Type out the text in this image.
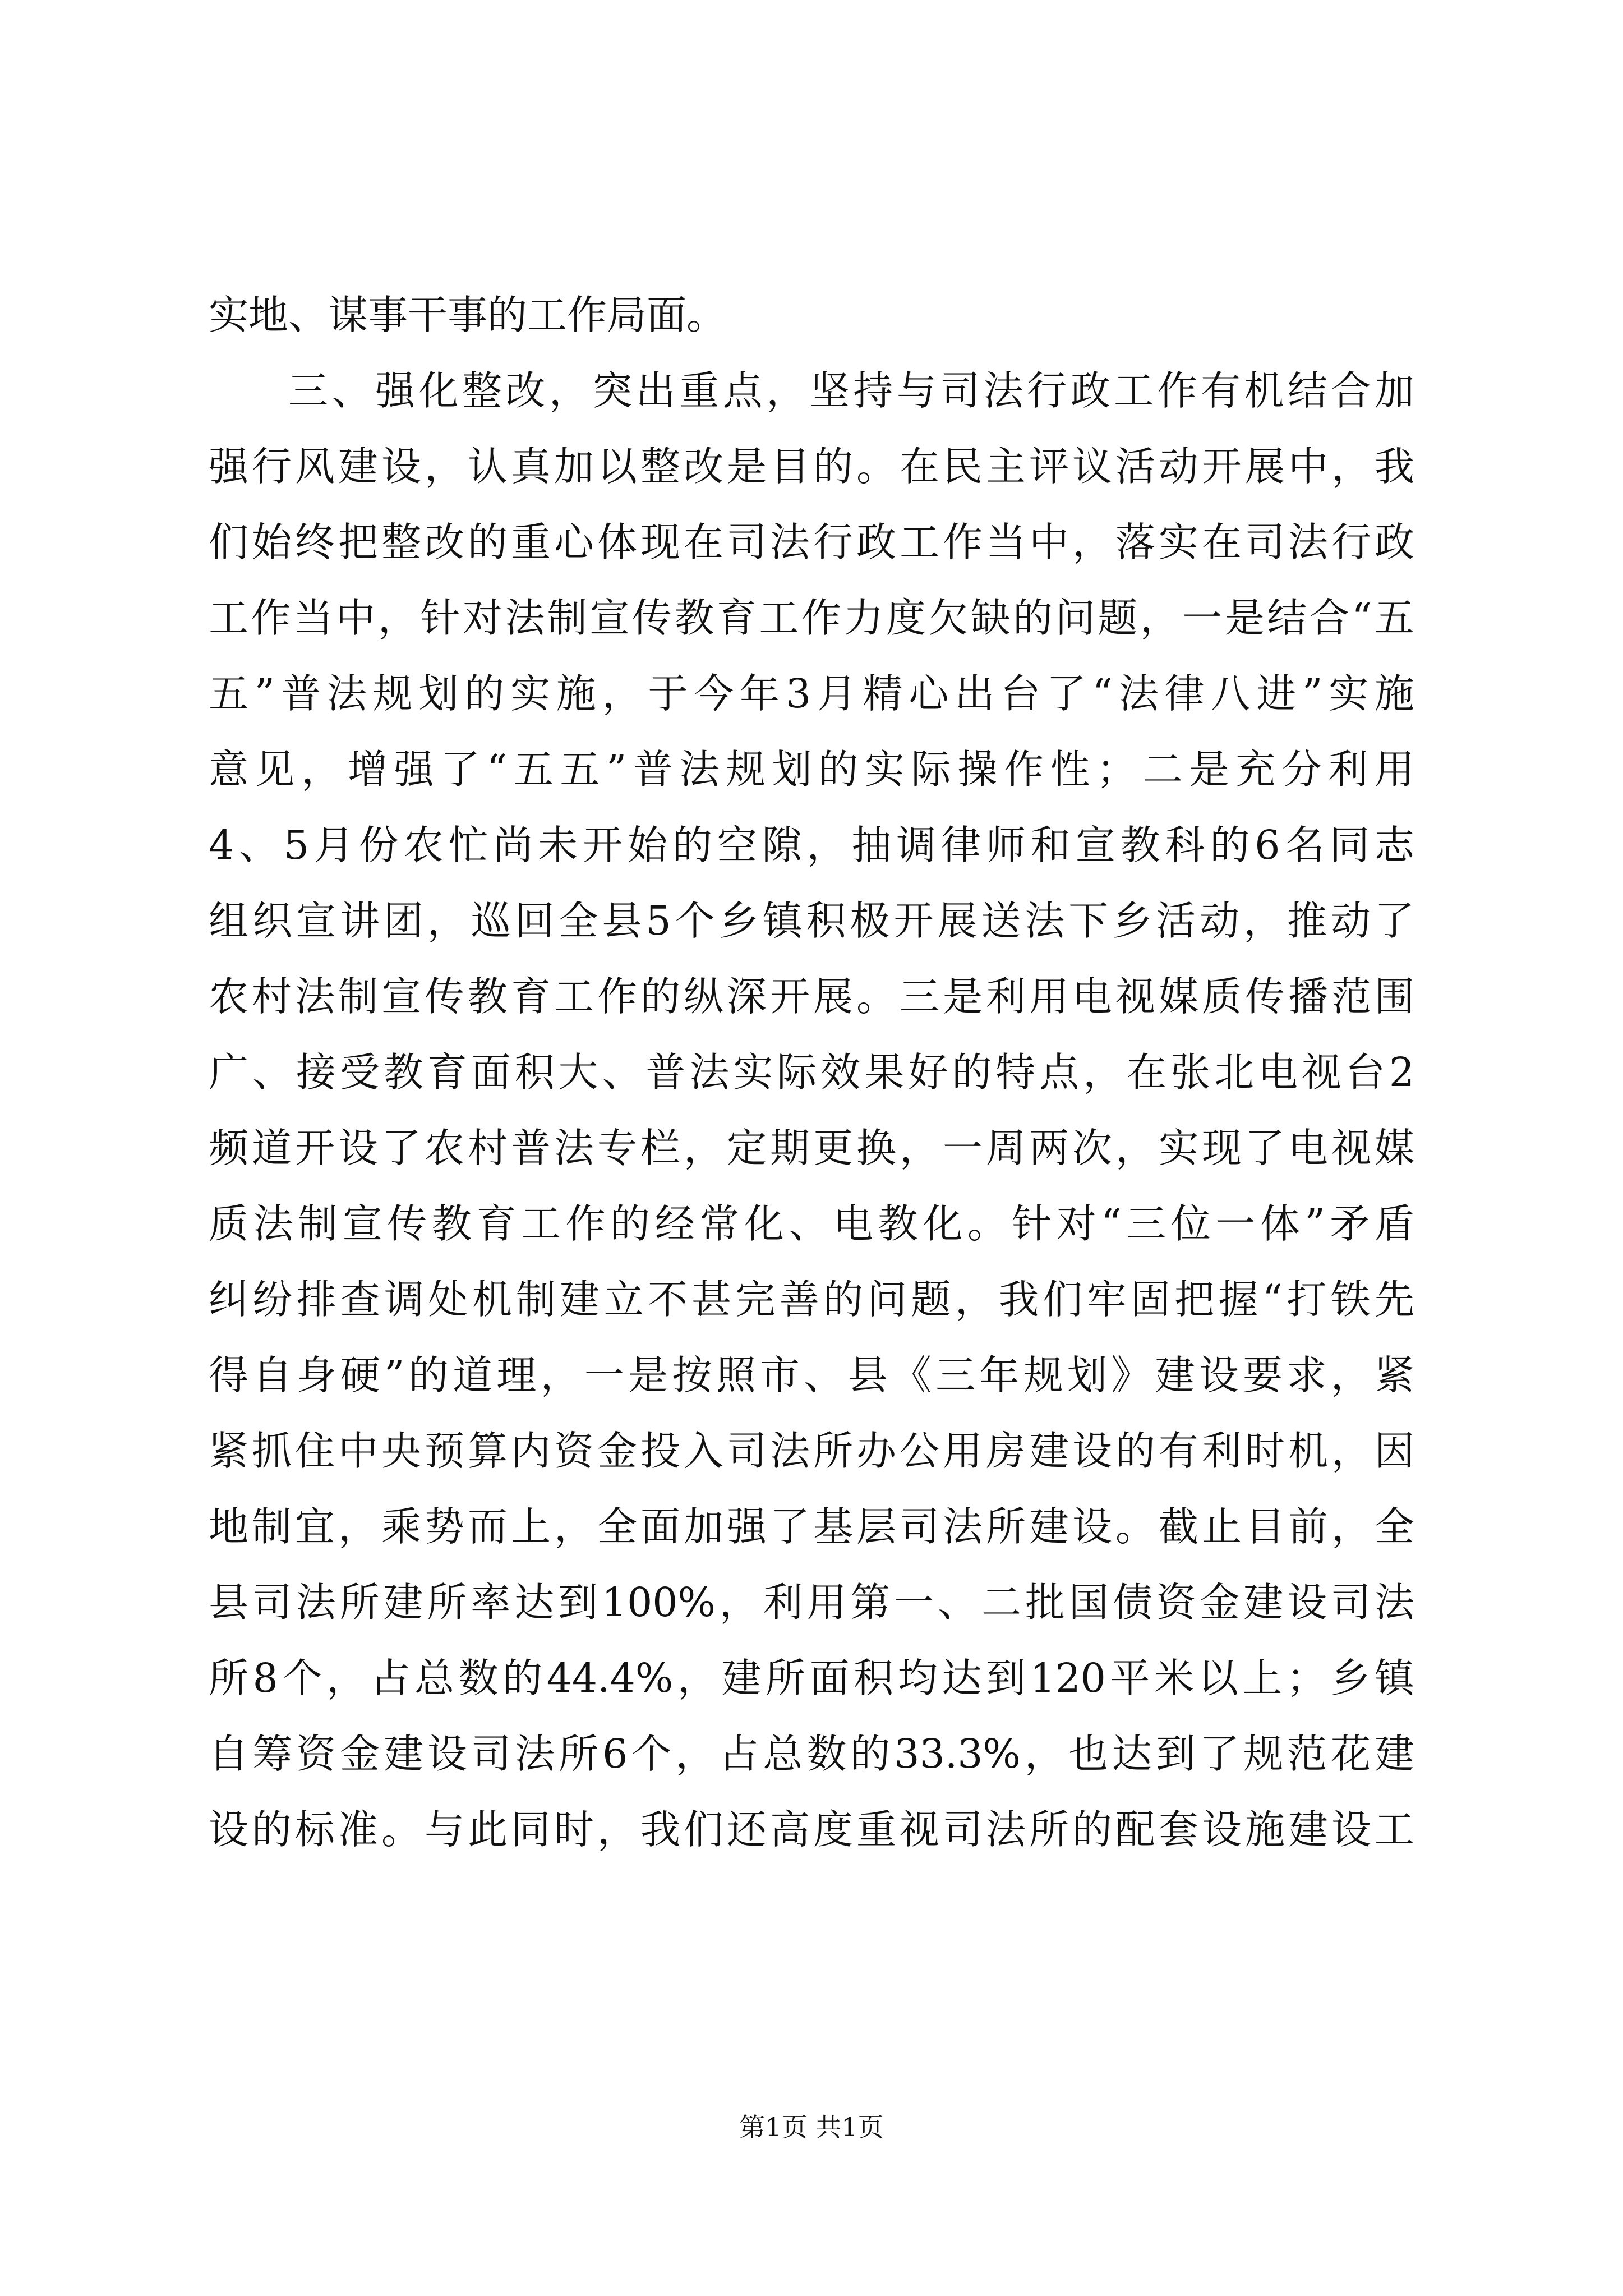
实地、谋事干事的工作局面。
三、强化整改，突出重点，坚持与司法行政工作有机结合加
强行风建设，认真加以整改是目的。在民主评议活动开展中，我
们始终把整改的重心体现在司法行政工作当中，落实在司法行政
工作当中，针对法制宣传教育工作力度欠缺的问题，一是结合“五
五”普法规划的实施，于今年3月精心出台了“法律八进”实施
意见，增强了“五五”普法规划的实际操作性；二是充分利用
4、5月份农忙尚未开始的空隙，抽调律师和宣教科的6名同志
组织宣讲团，巡回全县5个乡镇积极开展送法下乡活动，推动了
农村法制宣传教育工作的纵深开展。三是利用电视媒质传播范围
广、接受教育面积大、普法实际效果好的特点，在张北电视台2
频道开设了农村普法专栏，定期更换，一周两次，实现了电视媒
质法制宣传教育工作的经常化、电教化。针对“三位一体”矛盾
纠纷排查调处机制建立不甚完善的问题，我们牢固把握“打铁先
得自身硬”的道理，一是按照市、县《三年规划》建设要求，紧
紧抓住中央预算内资金投入司法所办公用房建设的有利时机，因
地制宜，乘势而上，全面加强了基层司法所建设。截止目前，全
县司法所建所率达到100%，利用第一、二批国债资金建设司法
所8个，占总数的44.4%，建所面积均达到120平米以上；乡镇
自筹资金建设司法所6个，占总数的33.3%，也达到了规范花建
设的标准。与此同时，我们还高度重视司法所的配套设施建设工
第1页 共1页
